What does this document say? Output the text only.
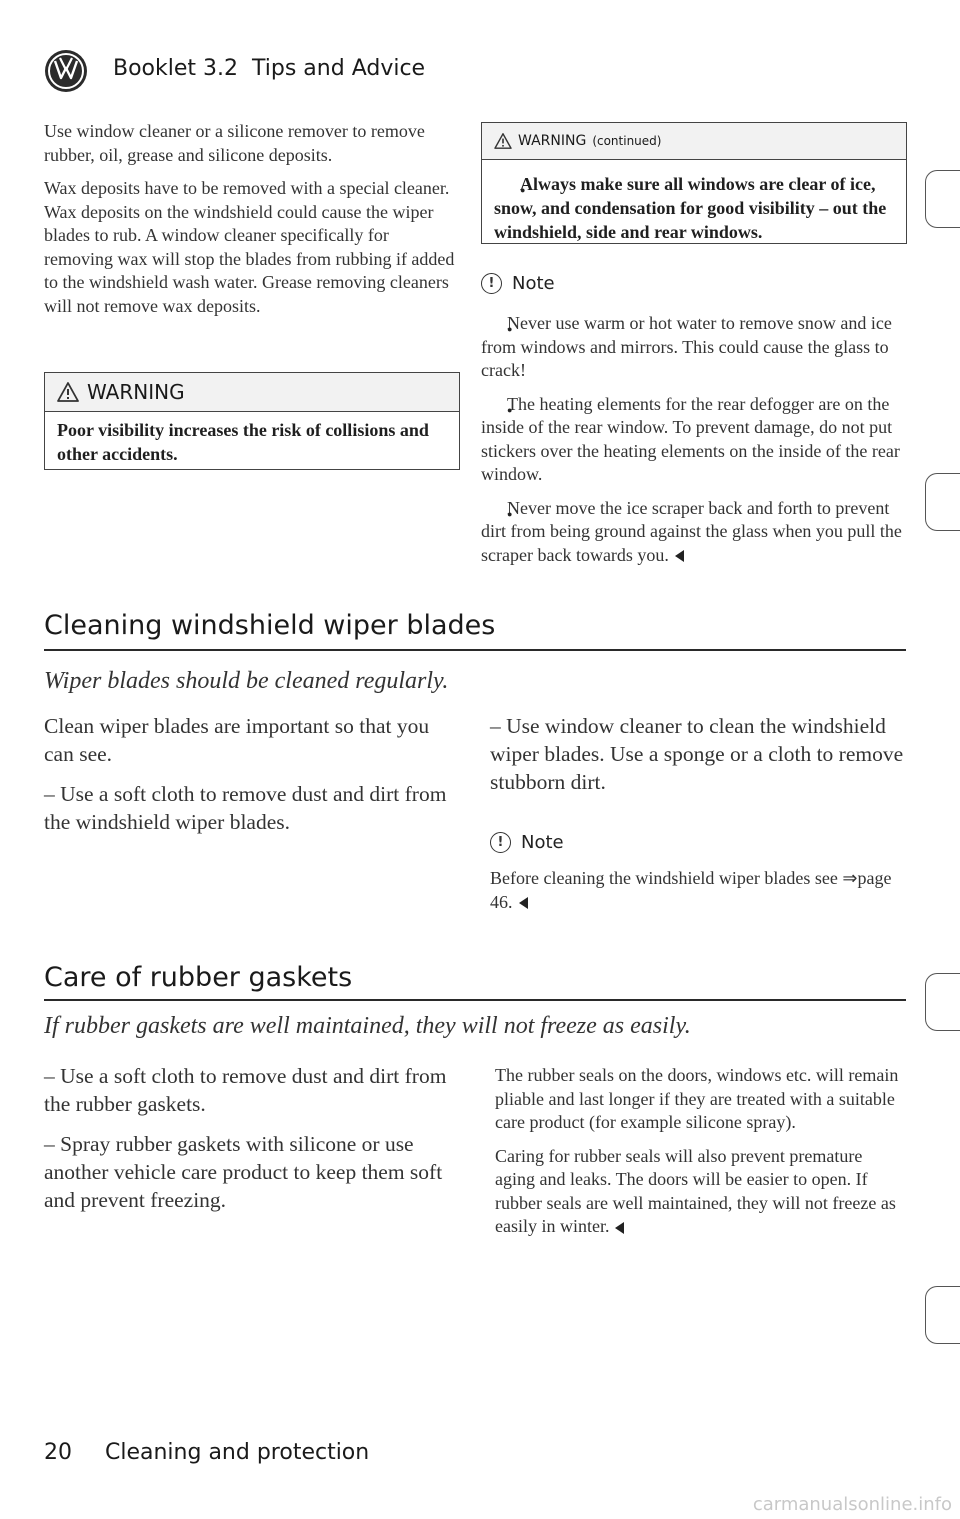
Booklet 3.2 Tips and Advice

Use window cleaner or a silicone remover to remove rubber, oil, grease and silicone deposits.

Wax deposits have to be removed with a special cleaner. Wax deposits on the windshield could cause the wiper blades to rub. A window cleaner specifically for removing wax will stop the blades from rubbing if added to the windshield wash water. Grease removing cleaners will not remove wax deposits.

WARNING
Poor visibility increases the risk of collisions and other accidents.
WARNING (continued)
● Always make sure all windows are clear of ice, snow, and condensation for good visibility – out the windshield, side and rear windows.
! Note

● Never use warm or hot water to remove snow and ice from windows and mirrors. This could cause the glass to crack!

● The heating elements for the rear defogger are on the inside of the rear window. To prevent damage, do not put stickers over the heating elements on the inside of the rear window.

● Never move the ice scraper back and forth to prevent dirt from being ground against the glass when you pull the scraper back towards you.

Cleaning windshield wiper blades
Wiper blades should be cleaned regularly.

Clean wiper blades are important so that you can see.

– Use a soft cloth to remove dust and dirt from the windshield wiper blades.

– Use window cleaner to clean the windshield wiper blades. Use a sponge or a cloth to remove stubborn dirt.

! Note

Before cleaning the windshield wiper blades see ⇒page 46.

Care of rubber gaskets
If rubber gaskets are well maintained, they will not freeze as easily.

– Use a soft cloth to remove dust and dirt from the rubber gaskets.

– Spray rubber gaskets with silicone or use another vehicle care product to keep them soft and prevent freezing.

The rubber seals on the doors, windows etc. will remain pliable and last longer if they are treated with a suitable care product (for example silicone spray).

Caring for rubber seals will also prevent premature aging and leaks. The doors will be easier to open. If rubber seals are well maintained, they will not freeze as easily in winter.

20 Cleaning and protection
carmanualsonline.info
